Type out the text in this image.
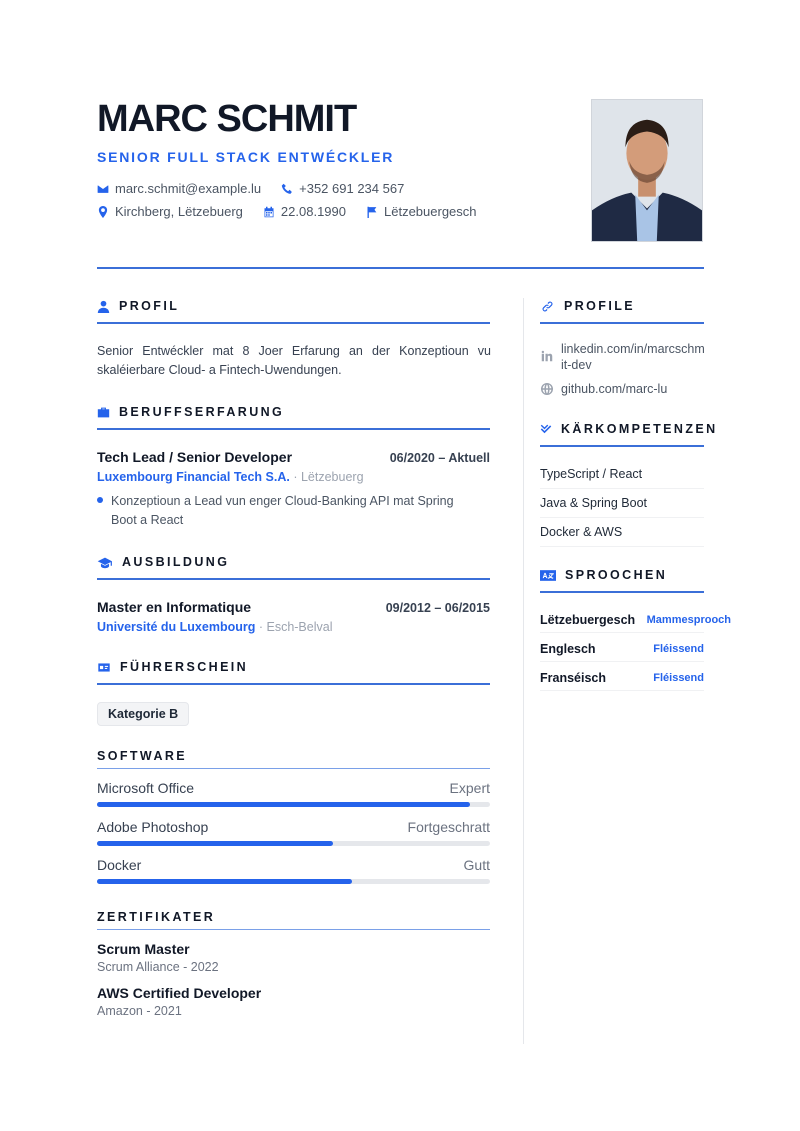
MARC SCHMIT
SENIOR FULL STACK ENTWÉCKLER
marc.schmit@example.lu	+352 691 234 567
Kirchberg, Lëtzebuerg	22.08.1990	Lëtzebuergesch
PROFIL
Senior Entwéckler mat 8 Joer Erfarung an der Konzeptioun vu skaléierbare Cloud- a Fintech-Uwendungen.
BERUFFSERFARUNG
Tech Lead / Senior Developer	06/2020 – Aktuell
Luxembourg Financial Tech S.A. · Lëtzebuerg
Konzeptioun a Lead vun enger Cloud-Banking API mat Spring Boot a React
AUSBILDUNG
Master en Informatique	09/2012 – 06/2015
Université du Luxembourg · Esch-Belval
FÜHRERSCHEIN
Kategorie B
SOFTWARE
Microsoft Office	Expert
Adobe Photoshop	Fortgeschratt
Docker	Gutt
ZERTIFIKATER
Scrum Master
Scrum Alliance - 2022
AWS Certified Developer
Amazon - 2021
PROFILE
linkedin.com/in/marcschmit-dev
github.com/marc-lu
KÄRKOMPETENZEN
TypeScript / React
Java & Spring Boot
Docker & AWS
SPROOCHEN
Lëtzebuergesch Mammesprooch
Englesch	Fléissend
Franséisch	Fléissend
